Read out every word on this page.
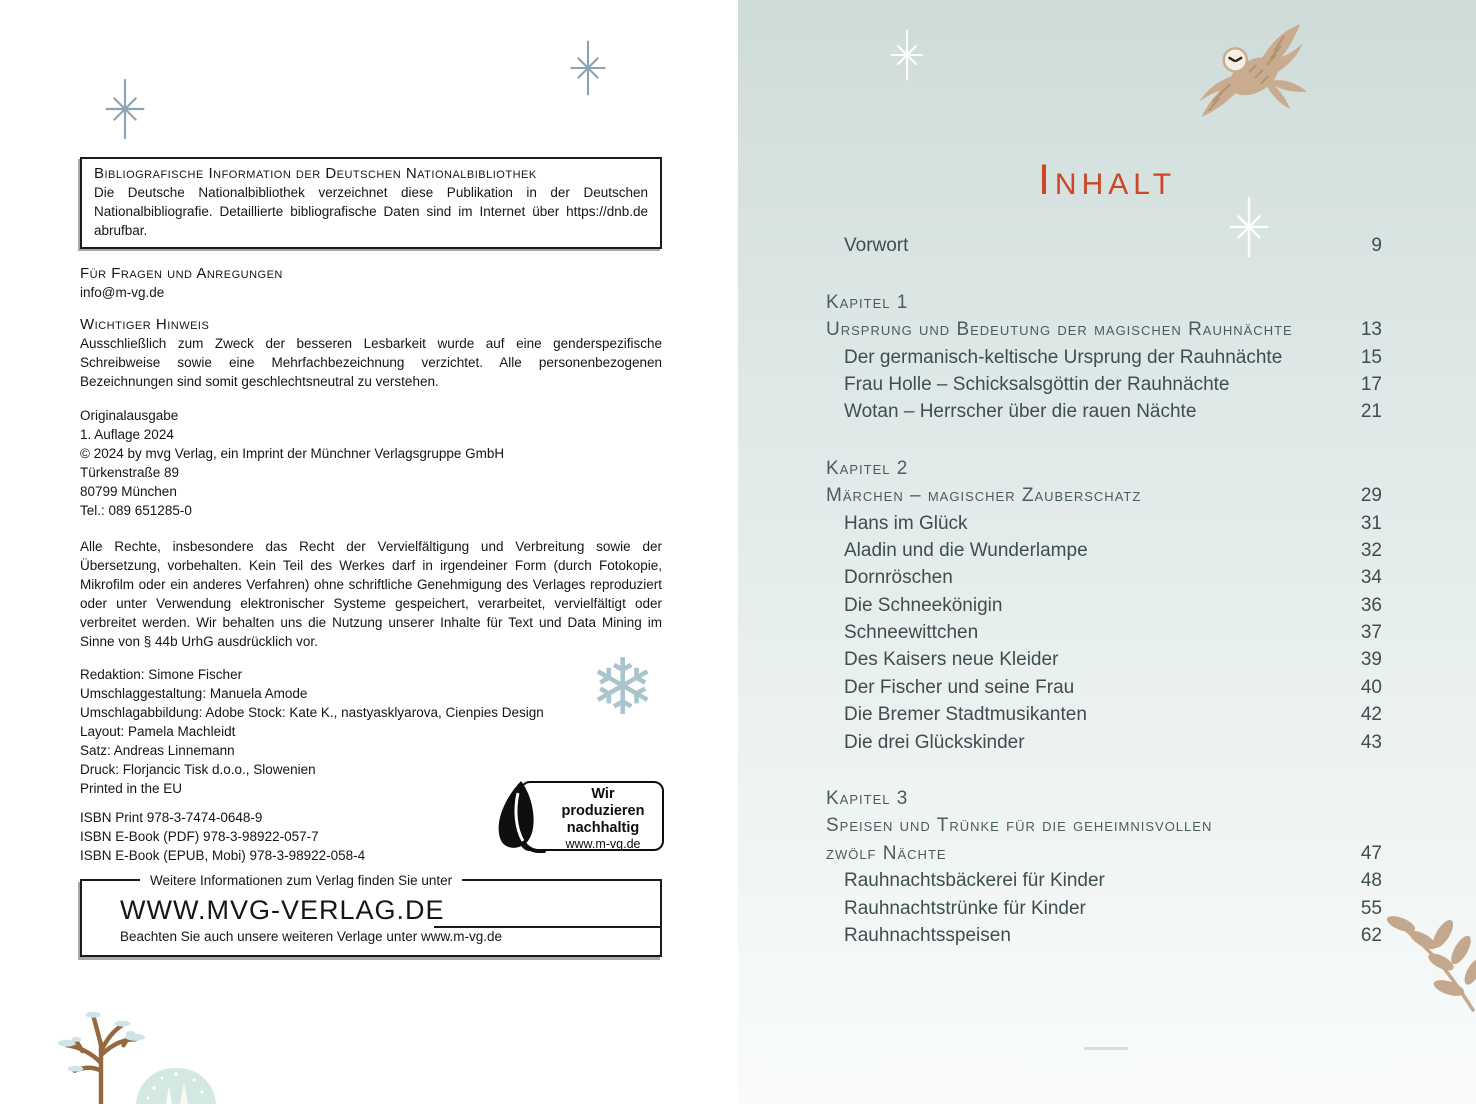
Bibliografische Information der Deutschen Nationalbibliothek
Die Deutsche Nationalbibliothek verzeichnet diese Publikation in der Deutschen Nationalbibliografie. Detaillierte bibliografische Daten sind im Internet über https://dnb.de abrufbar.
Für Fragen und Anregungen
info@m-vg.de
Wichtiger Hinweis
Ausschließlich zum Zweck der besseren Lesbarkeit wurde auf eine genderspezifische Schreibweise sowie eine Mehrfachbezeichnung verzichtet. Alle personenbezogenen Bezeichnungen sind somit geschlechtsneutral zu verstehen.
Originalausgabe
1. Auflage 2024
© 2024 by mvg Verlag, ein Imprint der Münchner Verlagsgruppe GmbH
Türkenstraße 89
80799 München
Tel.: 089 651285-0
Alle Rechte, insbesondere das Recht der Vervielfältigung und Verbreitung sowie der Übersetzung, vorbehalten. Kein Teil des Werkes darf in irgendeiner Form (durch Fotokopie, Mikrofilm oder ein anderes Verfahren) ohne schriftliche Genehmigung des Verlages reproduziert oder unter Verwendung elektronischer Systeme gespeichert, verarbeitet, vervielfältigt oder verbreitet werden. Wir behalten uns die Nutzung unserer Inhalte für Text und Data Mining im Sinne von § 44b UrhG ausdrücklich vor.
Redaktion: Simone Fischer
Umschlaggestaltung: Manuela Amode
Umschlagabbildung: Adobe Stock: Kate K., nastyasklyarova, Cienpies Design
Layout: Pamela Machleidt
Satz: Andreas Linnemann
Druck: Florjancic Tisk d.o.o., Slowenien
Printed in the EU
ISBN Print 978-3-7474-0648-9
ISBN E-Book (PDF) 978-3-98922-057-7
ISBN E-Book (EPUB, Mobi) 978-3-98922-058-4
Weitere Informationen zum Verlag finden Sie unter
WWW.MVG-VERLAG.DE
Beachten Sie auch unsere weiteren Verlage unter www.m-vg.de
❄
Wir produzieren
nachhaltig
www.m-vg.de
Inhalt
Vorwort	9
Kapitel 1
Ursprung und Bedeutung der magischen Rauhnächte	13
Der germanisch-keltische Ursprung der Rauhnächte	15
Frau Holle – Schicksalsgöttin der Rauhnächte	17
Wotan – Herrscher über die rauen Nächte	21
Kapitel 2
Märchen – magischer Zauberschatz	29
Hans im Glück	31
Aladin und die Wunderlampe	32
Dornröschen	34
Die Schneekönigin	36
Schneewittchen	37
Des Kaisers neue Kleider	39
Der Fischer und seine Frau	40
Die Bremer Stadtmusikanten	42
Die drei Glückskinder	43
Kapitel 3
Speisen und Trünke für die geheimnisvollen
zwölf Nächte	47
Rauhnachtsbäckerei für Kinder	48
Rauhnachtstrünke für Kinder	55
Rauhnachtsspeisen	62
